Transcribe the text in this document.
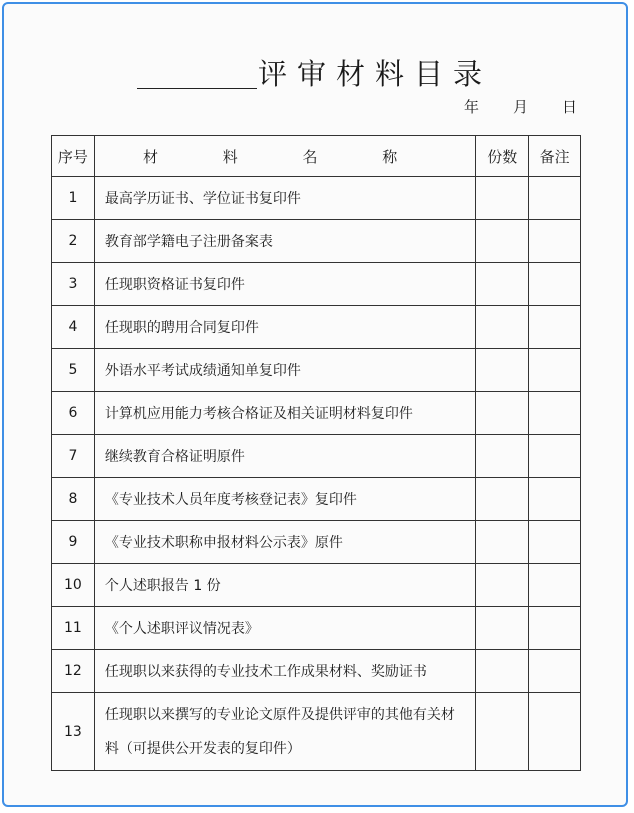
评审材料目录
年 月 日
序号	材 料 名 称	份数	备注
1	最高学历证书、学位证书复印件		
2	教育部学籍电子注册备案表		
3	任现职资格证书复印件		
4	任现职的聘用合同复印件		
5	外语水平考试成绩通知单复印件		
6	计算机应用能力考核合格证及相关证明材料复印件		
7	继续教育合格证明原件		
8	《专业技术人员年度考核登记表》复印件		
9	《专业技术职称申报材料公示表》原件		
10	个人述职报告 1 份		
11	《个人述职评议情况表》		
12	任现职以来获得的专业技术工作成果材料、奖励证书		
13	任现职以来撰写的专业论文原件及提供评审的其他有关材
料（可提供公开发表的复印件）		
